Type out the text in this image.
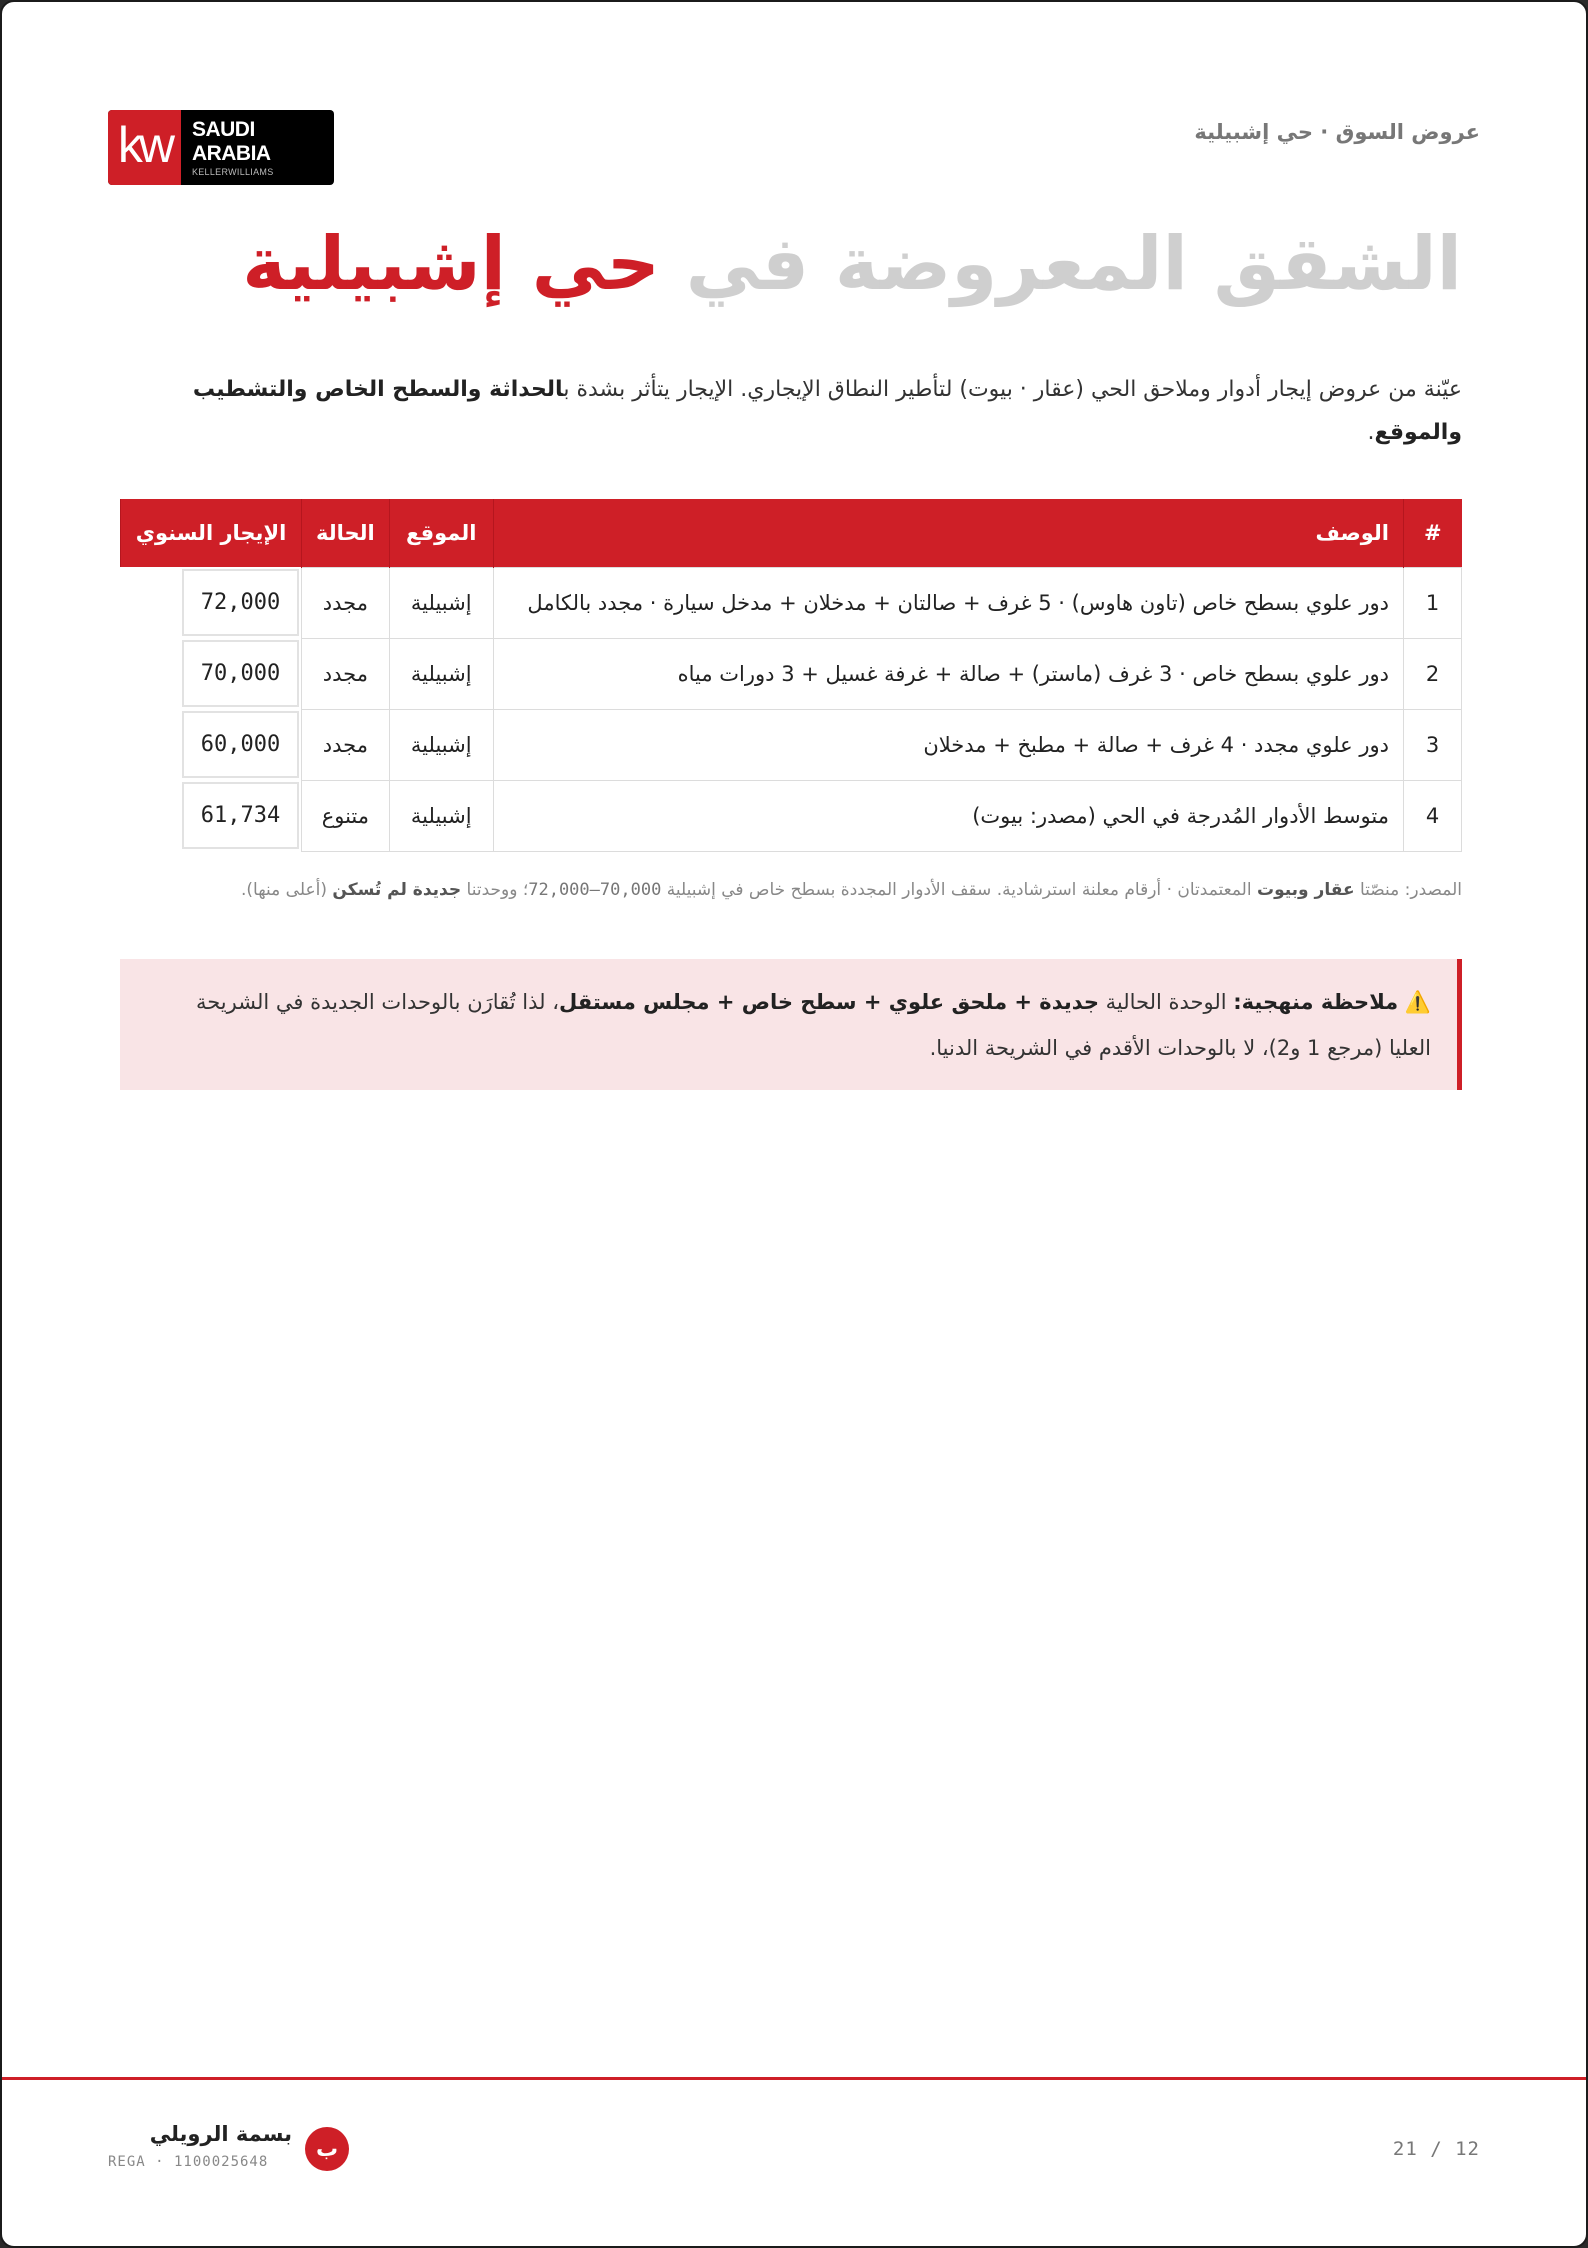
عروض السوق · حي إشبيلية
kw SAUDI ARABIA
KELLERWILLIAMS
الشقق المعروضة في حي إشبيلية

عيّنة من عروض إيجار أدوار وملاحق الحي (عقار · بيوت) لتأطير النطاق الإيجاري. الإيجار يتأثر بشدة بالحداثة والسطح الخاص والتشطيب والموقع.

#	الوصف	الموقع	الحالة	الإيجار السنوي
1	دور علوي بسطح خاص (تاون هاوس) · 5 غرف + صالتان + مدخلان + مدخل سيارة · مجدد بالكامل	إشبيلية	مجدد	72,000

2	دور علوي بسطح خاص · 3 غرف (ماستر) + صالة + غرفة غسيل + 3 دورات مياه	إشبيلية	مجدد	70,000

3	دور علوي مجدد · 4 غرف + صالة + مطبخ + مدخلان	إشبيلية	مجدد	60,000

4	متوسط الأدوار المُدرجة في الحي (مصدر: بيوت)	إشبيلية	متنوع	61,734

المصدر: منصّتا عقار وبيوت المعتمدتان · أرقام معلنة استرشادية. سقف الأدوار المجددة بسطح خاص في إشبيلية 70,000–72,000؛ ووحدتنا جديدة لم تُسكن (أعلى منها).

⚠️ ملاحظة منهجية: الوحدة الحالية جديدة + ملحق علوي + سطح خاص + مجلس مستقل، لذا تُقارَن بالوحدات الجديدة في الشريحة العليا (مرجع 1 و2)، لا بالوحدات الأقدم في الشريحة الدنيا.
ب
بسمة الرويلي
REGA · 1100025648
21 / 12
